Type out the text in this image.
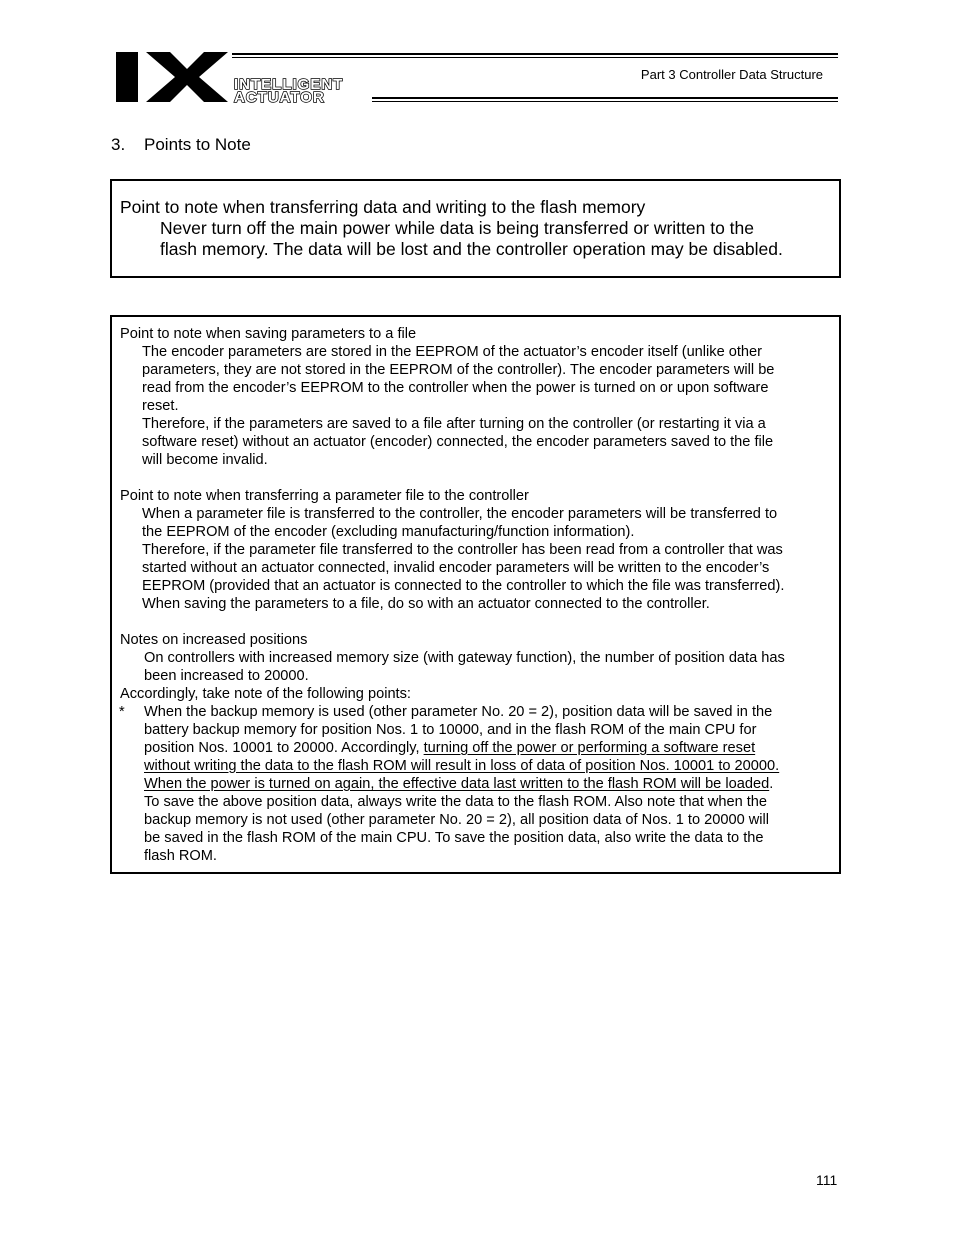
INTELLIGENT
ACTUATOR
Part 3 Controller Data Structure
3. Points to Note
Point to note when transferring data and writing to the flash memory
Never turn off the main power while data is being transferred or written to the
flash memory. The data will be lost and the controller operation may be disabled.
Point to note when saving parameters to a file
The encoder parameters are stored in the EEPROM of the actuator’s encoder itself (unlike other
parameters, they are not stored in the EEPROM of the controller). The encoder parameters will be
read from the encoder’s EEPROM to the controller when the power is turned on or upon software
reset.
Therefore, if the parameters are saved to a file after turning on the controller (or restarting it via a
software reset) without an actuator (encoder) connected, the encoder parameters saved to the file
will become invalid.
Point to note when transferring a parameter file to the controller
When a parameter file is transferred to the controller, the encoder parameters will be transferred to
the EEPROM of the encoder (excluding manufacturing/function information).
Therefore, if the parameter file transferred to the controller has been read from a controller that was
started without an actuator connected, invalid encoder parameters will be written to the encoder’s
EEPROM (provided that an actuator is connected to the controller to which the file was transferred).
When saving the parameters to a file, do so with an actuator connected to the controller.
Notes on increased positions
On controllers with increased memory size (with gateway function), the number of position data has
been increased to 20000.
Accordingly, take note of the following points:
* When the backup memory is used (other parameter No. 20 = 2), position data will be saved in the
battery backup memory for position Nos. 1 to 10000, and in the flash ROM of the main CPU for
position Nos. 10001 to 20000. Accordingly, turning off the power or performing a software reset
without writing the data to the flash ROM will result in loss of data of position Nos. 10001 to 20000.
When the power is turned on again, the effective data last written to the flash ROM will be loaded.
To save the above position data, always write the data to the flash ROM. Also note that when the
backup memory is not used (other parameter No. 20 = 2), all position data of Nos. 1 to 20000 will
be saved in the flash ROM of the main CPU. To save the position data, also write the data to the
flash ROM.
111
